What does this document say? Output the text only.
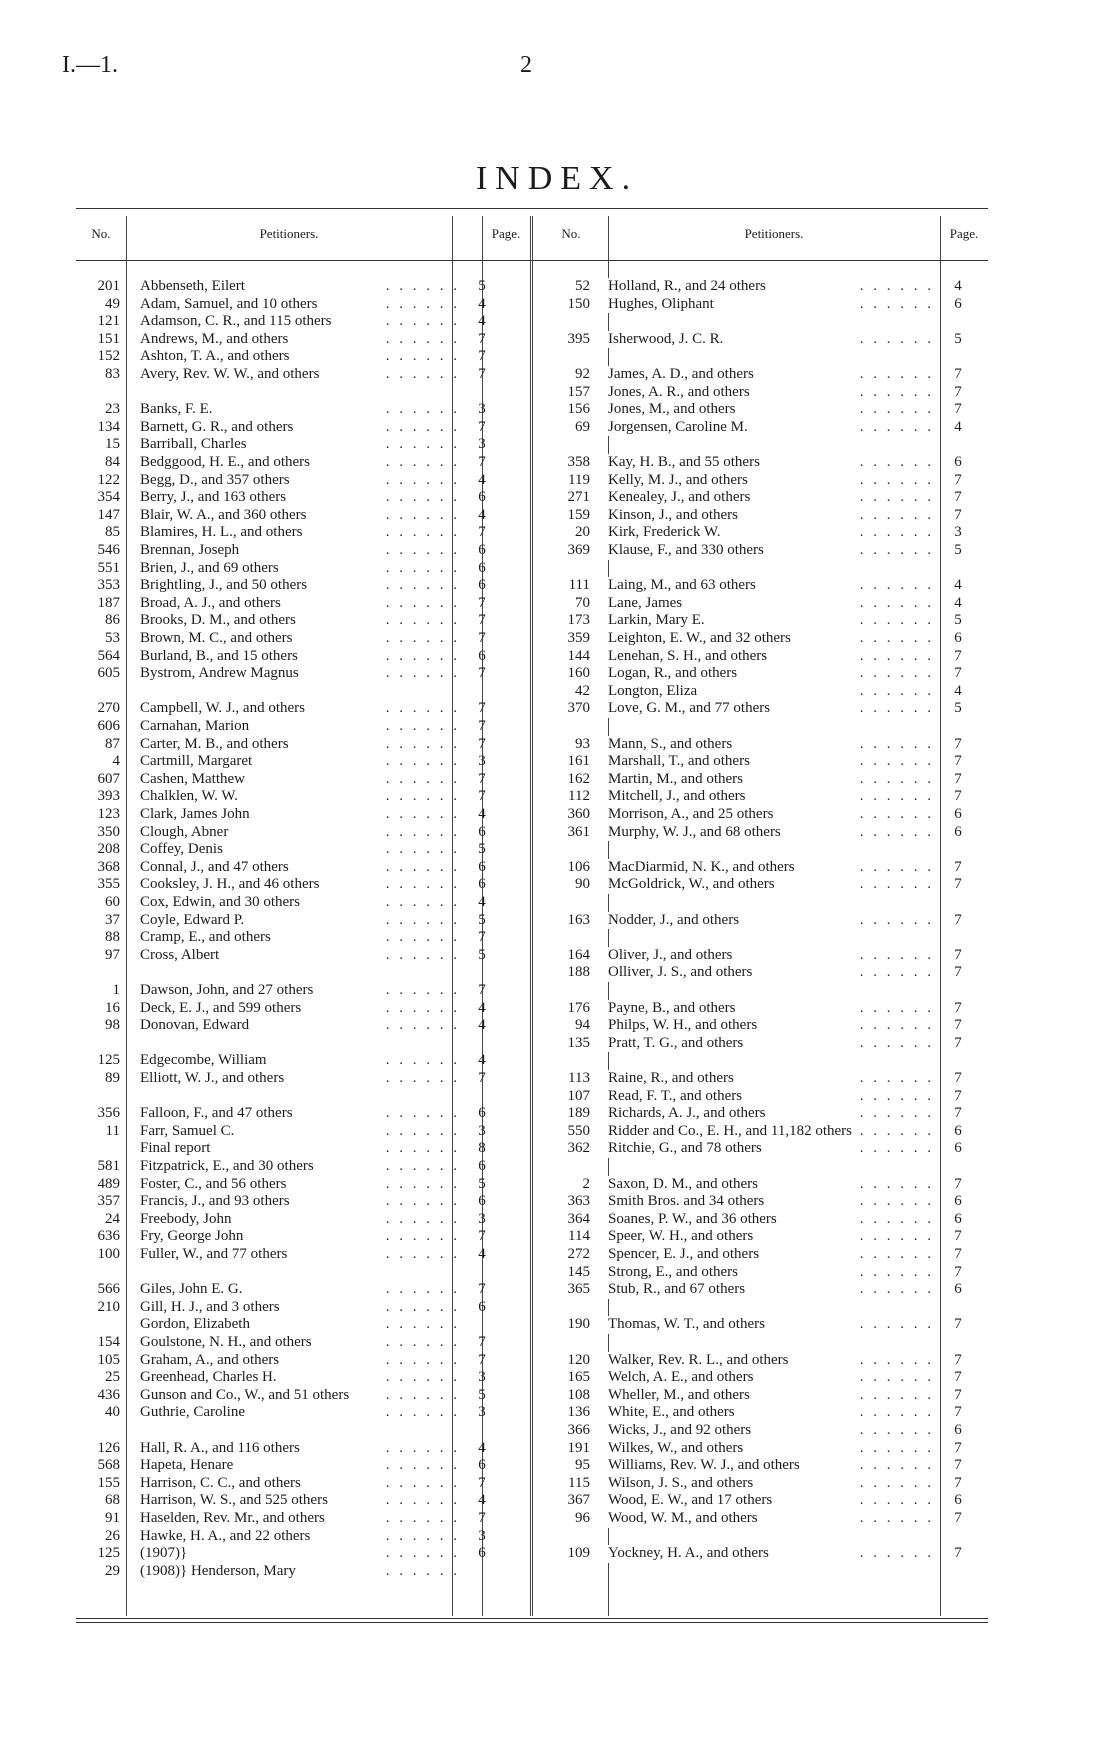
I.—1.	2
INDEX.
No.	Petitioners.	Page.	No.	Petitioners.	Page.
. . . . . .
201 Abbenseth, Eilert	5
. . . . . .
49 Adam, Samuel, and 10 others	4
. . . . . .
121 Adamson, C. R., and 115 others	4
. . . . . .
151 Andrews, M., and others	7
. . . . . .
152 Ashton, T. A., and others	7
. . . . . .
83 Avery, Rev. W. W., and others	7
. . . . . .
23 Banks, F. E.	3
. . . . . .
134 Barnett, G. R., and others	7
. . . . . .
15 Barriball, Charles	3
. . . . . .
84 Bedggood, H. E., and others	7
. . . . . .
122 Begg, D., and 357 others	4
. . . . . .
354 Berry, J., and 163 others	6
. . . . . .
147 Blair, W. A., and 360 others	4
. . . . . .
85 Blamires, H. L., and others	7
. . . . . .
546 Brennan, Joseph	6
. . . . . .
551 Brien, J., and 69 others	6
. . . . . .
353 Brightling, J., and 50 others	6
. . . . . .
187 Broad, A. J., and others	7
. . . . . .
86 Brooks, D. M., and others	7
. . . . . .
53 Brown, M. C., and others	7
. . . . . .
564 Burland, B., and 15 others	6
. . . . . .
605 Bystrom, Andrew Magnus	7
. . . . . .
270 Campbell, W. J., and others	7
. . . . . .
606 Carnahan, Marion	7
. . . . . .
87 Carter, M. B., and others	7
. . . . . .
4 Cartmill, Margaret	3
. . . . . .
607 Cashen, Matthew	7
. . . . . .
393 Chalklen, W. W.	7
. . . . . .
123 Clark, James John	4
. . . . . .
350 Clough, Abner	6
. . . . . .
208 Coffey, Denis	5
. . . . . .
368 Connal, J., and 47 others	6
. . . . . .
355 Cooksley, J. H., and 46 others	6
. . . . . .
60 Cox, Edwin, and 30 others	4
. . . . . .
37 Coyle, Edward P.	5
. . . . . .
88 Cramp, E., and others	7
. . . . . .
97 Cross, Albert	5
. . . . . .
1 Dawson, John, and 27 others	7
. . . . . .
16 Deck, E. J., and 599 others	4
. . . . . .
98 Donovan, Edward	4
. . . . . .
125 Edgecombe, William	4
. . . . . .
89 Elliott, W. J., and others	7
. . . . . .
356 Falloon, F., and 47 others	6
. . . . . .
11 Farr, Samuel C.	3
. . . . . .
Final report	8
. . . . . .
581 Fitzpatrick, E., and 30 others	6
. . . . . .
489 Foster, C., and 56 others	5
. . . . . .
357 Francis, J., and 93 others	6
. . . . . .
24 Freebody, John	3
. . . . . .
636 Fry, George John	7
. . . . . .
100 Fuller, W., and 77 others	4
. . . . . .
566 Giles, John E. G.	7
. . . . . .
210 Gill, H. J., and 3 others	6
. . . . . .
Gordon, Elizabeth
. . . . . .
154 Goulstone, N. H., and others	7
. . . . . .
105 Graham, A., and others	7
. . . . . .
25 Greenhead, Charles H.	3
. . . . . .
436 Gunson and Co., W., and 51 others	5
. . . . . .
40 Guthrie, Caroline	3
. . . . . .
126 Hall, R. A., and 116 others	4
. . . . . .
568 Hapeta, Henare	6
. . . . . .
155 Harrison, C. C., and others	7
. . . . . .
68 Harrison, W. S., and 525 others	4
. . . . . .
91 Haselden, Rev. Mr., and others	7
. . . . . .
26 Hawke, H. A., and 22 others	3
. . . . . .
125 (1907)}	6
. . . . . .
29 (1908)} Henderson, Mary
. . . . . .
52 Holland, R., and 24 others	4
. . . . . .
150 Hughes, Oliphant	6
. . . . . .
395 Isherwood, J. C. R.	5
. . . . . .
92 James, A. D., and others	7
. . . . . .
157 Jones, A. R., and others	7
. . . . . .
156 Jones, M., and others	7
. . . . . .
69 Jorgensen, Caroline M.	4
. . . . . .
358 Kay, H. B., and 55 others	6
. . . . . .
119 Kelly, M. J., and others	7
. . . . . .
271 Kenealey, J., and others	7
. . . . . .
159 Kinson, J., and others	7
. . . . . .
20 Kirk, Frederick W.	3
. . . . . .
369 Klause, F., and 330 others	5
. . . . . .
111 Laing, M., and 63 others	4
. . . . . .
70 Lane, James	4
. . . . . .
173 Larkin, Mary E.	5
. . . . . .
359 Leighton, E. W., and 32 others	6
. . . . . .
144 Lenehan, S. H., and others	7
. . . . . .
160 Logan, R., and others	7
. . . . . .
42 Longton, Eliza	4
. . . . . .
370 Love, G. M., and 77 others	5
. . . . . .
93 Mann, S., and others	7
. . . . . .
161 Marshall, T., and others	7
. . . . . .
162 Martin, M., and others	7
. . . . . .
112 Mitchell, J., and others	7
. . . . . .
360 Morrison, A., and 25 others	6
. . . . . .
361 Murphy, W. J., and 68 others	6
. . . . . .
106 MacDiarmid, N. K., and others	7
. . . . . .
90 McGoldrick, W., and others	7
. . . . . .
163 Nodder, J., and others	7
. . . . . .
164 Oliver, J., and others	7
. . . . . .
188 Olliver, J. S., and others	7
. . . . . .
176 Payne, B., and others	7
. . . . . .
94 Philps, W. H., and others	7
. . . . . .
135 Pratt, T. G., and others	7
. . . . . .
113 Raine, R., and others	7
. . . . . .
107 Read, F. T., and others	7
. . . . . .
189 Richards, A. J., and others	7
. . . . . .
550 Ridder and Co., E. H., and 11,182 others	6
. . . . . .
362 Ritchie, G., and 78 others	6
. . . . . .
2 Saxon, D. M., and others	7
. . . . . .
363 Smith Bros. and 34 others	6
. . . . . .
364 Soanes, P. W., and 36 others	6
. . . . . .
114 Speer, W. H., and others	7
. . . . . .
272 Spencer, E. J., and others	7
. . . . . .
145 Strong, E., and others	7
. . . . . .
365 Stub, R., and 67 others	6
. . . . . .
190 Thomas, W. T., and others	7
. . . . . .
120 Walker, Rev. R. L., and others	7
. . . . . .
165 Welch, A. E., and others	7
. . . . . .
108 Wheller, M., and others	7
. . . . . .
136 White, E., and others	7
. . . . . .
366 Wicks, J., and 92 others	6
. . . . . .
191 Wilkes, W., and others	7
. . . . . .
95 Williams, Rev. W. J., and others	7
. . . . . .
115 Wilson, J. S., and others	7
. . . . . .
367 Wood, E. W., and 17 others	6
. . . . . .
96 Wood, W. M., and others	7
. . . . . .
109 Yockney, H. A., and others	7
